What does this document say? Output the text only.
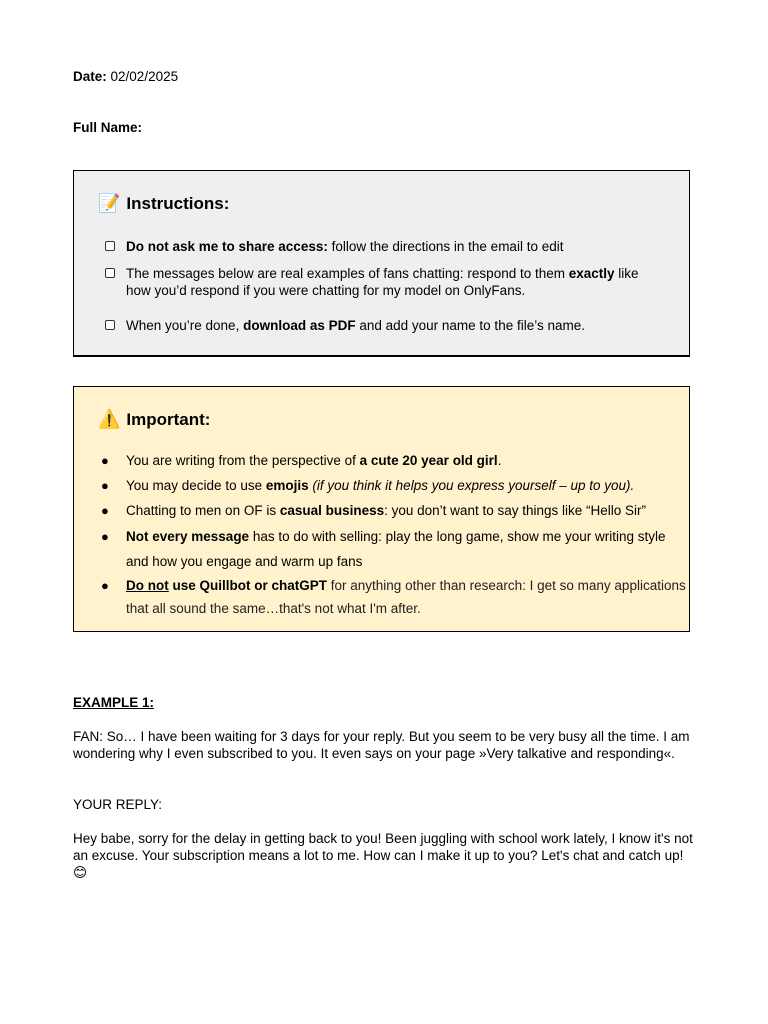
Date: 02/02/2025
Full Name:
📝 Instructions:
Do not ask me to share access: follow the directions in the email to edit
The messages below are real examples of fans chatting: respond to them exactly like how you’d respond if you were chatting for my model on OnlyFans.
When you’re done, download as PDF and add your name to the file’s name.
⚠️ Important:
● You are writing from the perspective of a cute 20 year old girl.
● You may decide to use emojis (if you think it helps you express yourself – up to you).
● Chatting to men on OF is casual business: you don’t want to say things like “Hello Sir”
● Not every message has to do with selling: play the long game, show me your writing style and how you engage and warm up fans
● Do not use Quillbot or chatGPT for anything other than research: I get so many applications that all sound the same…that's not what I'm after.
EXAMPLE 1:
FAN: So… I have been waiting for 3 days for your reply. But you seem to be very busy all the time. I am wondering why I even subscribed to you. It even says on your page »Very talkative and responding«.
YOUR REPLY:
Hey babe, sorry for the delay in getting back to you! Been juggling with school work lately, I know it's not an excuse. Your subscription means a lot to me. How can I make it up to you? Let's chat and catch up! 😊
